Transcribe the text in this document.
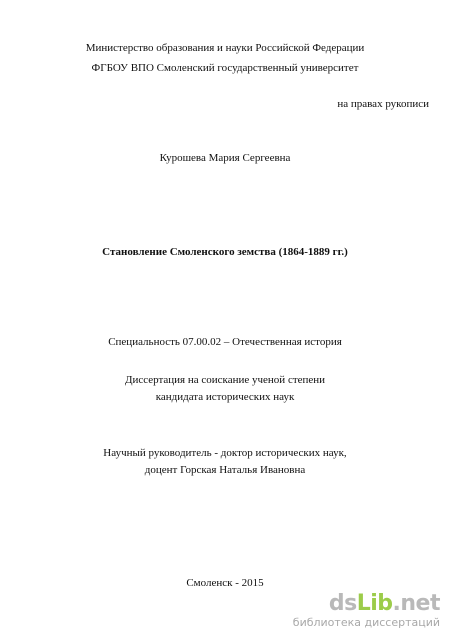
Министерство образования и науки Российской Федерации
ФГБОУ ВПО Смоленский государственный университет
на правах рукописи
Курошева Мария Сергеевна
Становление Смоленского земства (1864-1889 гг.)
Специальность 07.00.02 – Отечественная история
Диссертация на соискание ученой степени
кандидата исторических наук
Научный руководитель - доктор исторических наук,
доцент Горская Наталья Ивановна
Смоленск - 2015
dsLib.net
библиотека диссертаций
